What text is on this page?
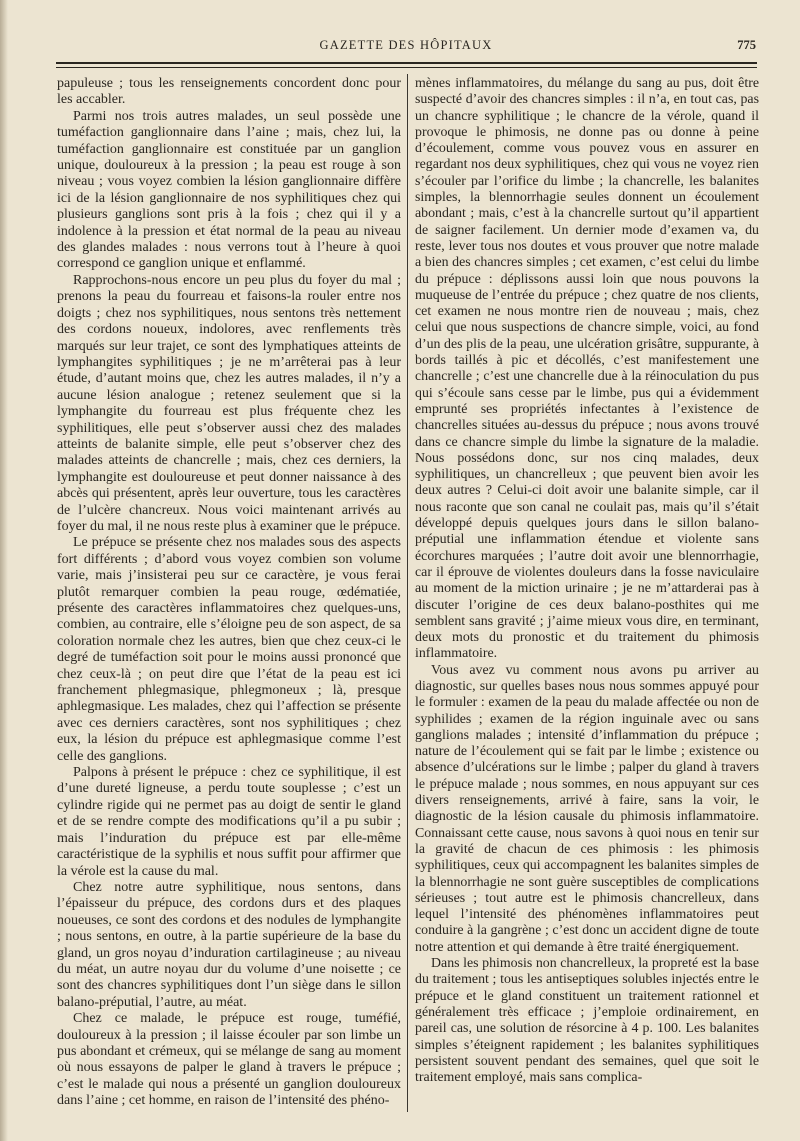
GAZETTE DES HÔPITAUX	775

papuleuse ; tous les renseignements concordent donc pour les accabler.

Parmi nos trois autres malades, un seul possède une tuméfaction ganglionnaire dans l’aine ; mais, chez lui, la tuméfaction ganglionnaire est constituée par un ganglion unique, douloureux à la pression ; la peau est rouge à son niveau ; vous voyez combien la lésion ganglionnaire diffère ici de la lésion ganglionnaire de nos syphilitiques chez qui plusieurs ganglions sont pris à la fois ; chez qui il y a indolence à la pression et état normal de la peau au niveau des glandes malades : nous verrons tout à l’heure à quoi correspond ce ganglion unique et enflammé.

Rapprochons-nous encore un peu plus du foyer du mal ; prenons la peau du fourreau et faisons-la rouler entre nos doigts ; chez nos syphilitiques, nous sentons très nettement des cordons noueux, indolores, avec renflements très marqués sur leur trajet, ce sont des lymphatiques atteints de lymphangites syphilitiques ; je ne m’arrêterai pas à leur étude, d’autant moins que, chez les autres malades, il n’y a aucune lésion analogue ; retenez seulement que si la lymphangite du fourreau est plus fréquente chez les syphilitiques, elle peut s’observer aussi chez des malades atteints de balanite simple, elle peut s’observer chez des malades atteints de chancrelle ; mais, chez ces derniers, la lymphangite est douloureuse et peut donner naissance à des abcès qui présentent, après leur ouverture, tous les caractères de l’ulcère chancreux. Nous voici maintenant arrivés au foyer du mal, il ne nous reste plus à examiner que le prépuce.

Le prépuce se présente chez nos malades sous des aspects fort différents ; d’abord vous voyez combien son volume varie, mais j’insisterai peu sur ce caractère, je vous ferai plutôt remarquer combien la peau rouge, œdématiée, présente des caractères inflammatoires chez quelques-uns, combien, au contraire, elle s’éloigne peu de son aspect, de sa coloration normale chez les autres, bien que chez ceux-ci le degré de tuméfaction soit pour le moins aussi prononcé que chez ceux-là ; on peut dire que l’état de la peau est ici franchement phlegmasique, phlegmoneux ; là, presque aphlegmasique. Les malades, chez qui l’affection se présente avec ces derniers caractères, sont nos syphilitiques ; chez eux, la lésion du prépuce est aphlegmasique comme l’est celle des ganglions.

Palpons à présent le prépuce : chez ce syphilitique, il est d’une dureté ligneuse, a perdu toute souplesse ; c’est un cylindre rigide qui ne permet pas au doigt de sentir le gland et de se rendre compte des modifications qu’il a pu subir ; mais l’induration du prépuce est par elle-même caractéristique de la syphilis et nous suffit pour affirmer que la vérole est la cause du mal.

Chez notre autre syphilitique, nous sentons, dans l’épaisseur du prépuce, des cordons durs et des plaques noueuses, ce sont des cordons et des nodules de lymphangite ; nous sentons, en outre, à la partie supérieure de la base du gland, un gros noyau d’induration cartilagineuse ; au niveau du méat, un autre noyau dur du volume d’une noisette ; ce sont des chancres syphilitiques dont l’un siège dans le sillon balano-préputial, l’autre, au méat.

Chez ce malade, le prépuce est rouge, tuméfié, douloureux à la pression ; il laisse écouler par son limbe un pus abondant et crémeux, qui se mélange de sang au moment où nous essayons de palper le gland à travers le prépuce ; c’est le malade qui nous a présenté un ganglion douloureux dans l’aine ; cet homme, en raison de l’intensité des phéno-

mènes inflammatoires, du mélange du sang au pus, doit être suspecté d’avoir des chancres simples : il n’a, en tout cas, pas un chancre syphilitique ; le chancre de la vérole, quand il provoque le phimosis, ne donne pas ou donne à peine d’écoulement, comme vous pouvez vous en assurer en regardant nos deux syphilitiques, chez qui vous ne voyez rien s’écouler par l’orifice du limbe ; la chancrelle, les balanites simples, la blennorrhagie seules donnent un écoulement abondant ; mais, c’est à la chancrelle surtout qu’il appartient de saigner facilement. Un dernier mode d’examen va, du reste, lever tous nos doutes et vous prouver que notre malade a bien des chancres simples ; cet examen, c’est celui du limbe du prépuce : déplissons aussi loin que nous pouvons la muqueuse de l’entrée du prépuce ; chez quatre de nos clients, cet examen ne nous montre rien de nouveau ; mais, chez celui que nous suspections de chancre simple, voici, au fond d’un des plis de la peau, une ulcération grisâtre, suppurante, à bords taillés à pic et décollés, c’est manifestement une chancrelle ; c’est une chancrelle due à la réinoculation du pus qui s’écoule sans cesse par le limbe, pus qui a évidemment emprunté ses propriétés infectantes à l’existence de chancrelles situées au-dessus du prépuce ; nous avons trouvé dans ce chancre simple du limbe la signature de la maladie. Nous possédons donc, sur nos cinq malades, deux syphilitiques, un chancrelleux ; que peuvent bien avoir les deux autres ? Celui-ci doit avoir une balanite simple, car il nous raconte que son canal ne coulait pas, mais qu’il s’était développé depuis quelques jours dans le sillon balano-préputial une inflammation étendue et violente sans écorchures marquées ; l’autre doit avoir une blennorrhagie, car il éprouve de violentes douleurs dans la fosse naviculaire au moment de la miction urinaire ; je ne m’attarderai pas à discuter l’origine de ces deux balano-posthites qui me semblent sans gravité ; j’aime mieux vous dire, en terminant, deux mots du pronostic et du traitement du phimosis inflammatoire.

Vous avez vu comment nous avons pu arriver au diagnostic, sur quelles bases nous nous sommes appuyé pour le formuler : examen de la peau du malade affectée ou non de syphilides ; examen de la région inguinale avec ou sans ganglions malades ; intensité d’inflammation du prépuce ; nature de l’écoulement qui se fait par le limbe ; existence ou absence d’ulcérations sur le limbe ; palper du gland à travers le prépuce malade ; nous sommes, en nous appuyant sur ces divers renseignements, arrivé à faire, sans la voir, le diagnostic de la lésion causale du phimosis inflammatoire. Connaissant cette cause, nous savons à quoi nous en tenir sur la gravité de chacun de ces phimosis : les phimosis syphilitiques, ceux qui accompagnent les balanites simples de la blennorrhagie ne sont guère susceptibles de complications sérieuses ; tout autre est le phimosis chancrelleux, dans lequel l’intensité des phénomènes inflammatoires peut conduire à la gangrène ; c’est donc un accident digne de toute notre attention et qui demande à être traité énergiquement.

Dans les phimosis non chancrelleux, la propreté est la base du traitement ; tous les antiseptiques solubles injectés entre le prépuce et le gland constituent un traitement rationnel et généralement très efficace ; j’emploie ordinairement, en pareil cas, une solution de résorcine à 4 p. 100. Les balanites simples s’éteignent rapidement ; les balanites syphilitiques persistent souvent pendant des semaines, quel que soit le traitement employé, mais sans complica-
